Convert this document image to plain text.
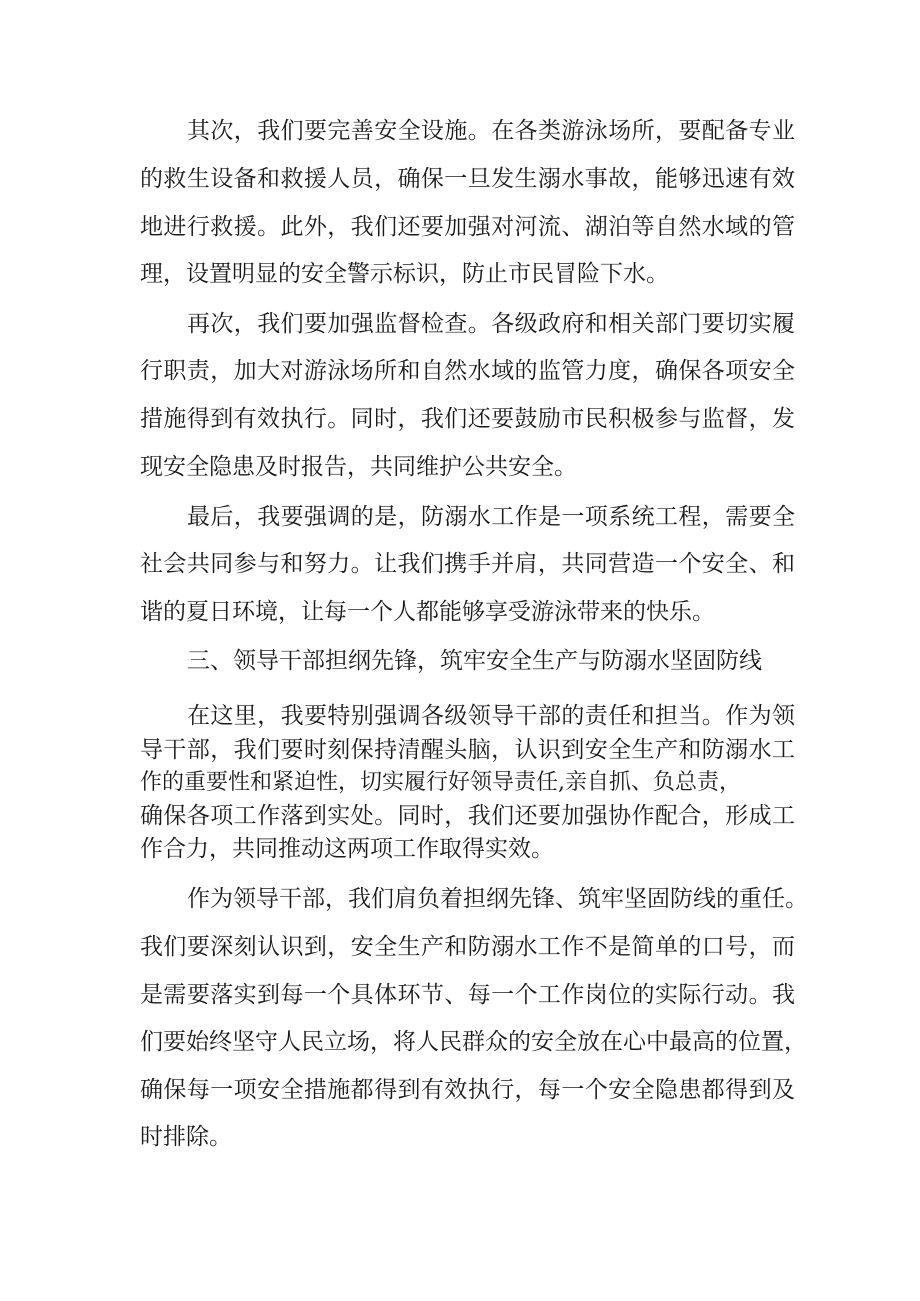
其次，我们要完善安全设施。在各类游泳场所，要配备专业

的救生设备和救援人员，确保一旦发生溺水事故，能够迅速有效

地进行救援。此外，我们还要加强对河流、湖泊等自然水域的管

理，设置明显的安全警示标识，防止市民冒险下水。

再次，我们要加强监督检查。各级政府和相关部门要切实履

行职责，加大对游泳场所和自然水域的监管力度，确保各项安全

措施得到有效执行。同时，我们还要鼓励市民积极参与监督，发

现安全隐患及时报告，共同维护公共安全。

最后，我要强调的是，防溺水工作是一项系统工程，需要全

社会共同参与和努力。让我们携手并肩，共同营造一个安全、和

谐的夏日环境，让每一个人都能够享受游泳带来的快乐。

三、领导干部担纲先锋，筑牢安全生产与防溺水坚固防线

在这里，我要特别强调各级领导干部的责任和担当。作为领

导干部，我们要时刻保持清醒头脑，认识到安全生产和防溺水工

作的重要性和紧迫性，切实履行好领导责任,亲自抓、负总责，

确保各项工作落到实处。同时，我们还要加强协作配合，形成工

作合力，共同推动这两项工作取得实效。

作为领导干部，我们肩负着担纲先锋、筑牢坚固防线的重任。

我们要深刻认识到，安全生产和防溺水工作不是简单的口号，而

是需要落实到每一个具体环节、每一个工作岗位的实际行动。我

们要始终坚守人民立场，将人民群众的安全放在心中最高的位置，

确保每一项安全措施都得到有效执行，每一个安全隐患都得到及

时排除。
